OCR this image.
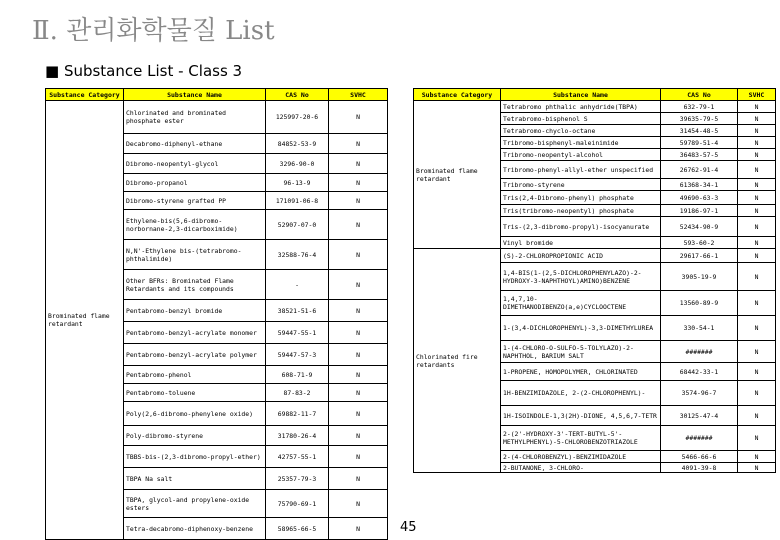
Ⅱ. 관리화학물질 List
■ Substance List - Class 3
Substance Category	Substance Name	CAS No	SVHC
Brominated flame retardant	Chlorinated and brominated phosphate ester	125997-20-6	N
	Decabromo-diphenyl-ethane	84852-53-9	N
	Dibromo-neopentyl-glycol	3296-90-0	N
	Dibromo-propanol	96-13-9	N
	Dibromo-styrene grafted PP	171091-06-8	N
	Ethylene-bis(5,6-dibromo-norbornane-2,3-dicarboximide)	52907-07-0	N
	N,N'-Ethylene bis-(tetrabromo-phthalimide)	32588-76-4	N
	Other BFRs: Brominated Flame Retardants and its compounds	-	N
	Pentabromo-benzyl bromide	38521-51-6	N
	Pentabromo-benzyl-acrylate monomer	59447-55-1	N
	Pentabromo-benzyl-acrylate polymer	59447-57-3	N
	Pentabromo-phenol	608-71-9	N
	Pentabromo-toluene	87-83-2	N
	Poly(2,6-dibromo-phenylene oxide)	69882-11-7	N
	Poly-dibromo-styrene	31780-26-4	N
	TBBS-bis-(2,3-dibromo-propyl-ether)	42757-55-1	N
	TBPA Na salt	25357-79-3	N
	TBPA, glycol-and propylene-oxide esters	75790-69-1	N
	Tetra-decabromo-diphenoxy-benzene	58965-66-5	N
Substance Category	Substance Name	CAS No	SVHC
Brominated flame retardant	Tetrabromo phthalic anhydride(TBPA)	632-79-1	N
	Tetrabromo-bisphenol S	39635-79-5	N
	Tetrabromo-chyclo-octane	31454-48-5	N
	Tribromo-bisphenyl-maleinimide	59789-51-4	N
	Tribromo-neopentyl-alcohol	36483-57-5	N
	Tribromo-phenyl-allyl-ether unspecified	26762-91-4	N
	Tribromo-styrene	61368-34-1	N
	Tris(2,4-Dibromo-phenyl) phosphate	49690-63-3	N
	Tris(tribromo-neopentyl) phosphate	19186-97-1	N
	Tris-(2,3-dibromo-propyl)-isocyanurate	52434-90-9	N
	Vinyl bromide	593-60-2	N
Chlorinated fire retardants	(S)-2-CHLOROPROPIONIC ACID	29617-66-1	N
	1,4-BIS(1-(2,5-DICHLOROPHENYLAZO)-2-HYDROXY-3-NAPHTHOYL)AMINO)BENZENE	3905-19-9	N
	1,4,7,10-DIMETHANODIBENZO(a,e)CYCLOOCTENE	13560-89-9	N
	1-(3,4-DICHLOROPHENYL)-3,3-DIMETHYLUREA	330-54-1	N
	1-(4-CHLORO-O-SULFO-5-TOLYLAZO)-2-NAPHTHOL, BARIUM SALT	#######	N
	1-PROPENE, HOMOPOLYMER, CHLORINATED	68442-33-1	N
	1H-BENZIMIDAZOLE, 2-(2-CHLOROPHENYL)-	3574-96-7	N
	1H-ISOINDOLE-1,3(2H)-DIONE, 4,5,6,7-TETR	30125-47-4	N
	2-(2'-HYDROXY-3'-TERT-BUTYL-5'-METHYLPHENYL)-5-CHLOROBENZOTRIAZOLE	#######	N
	2-(4-CHLOROBENZYL)-BENZIMIDAZOLE	5466-66-6	N
	2-BUTANONE, 3-CHLORO-	4091-39-8	N
45
